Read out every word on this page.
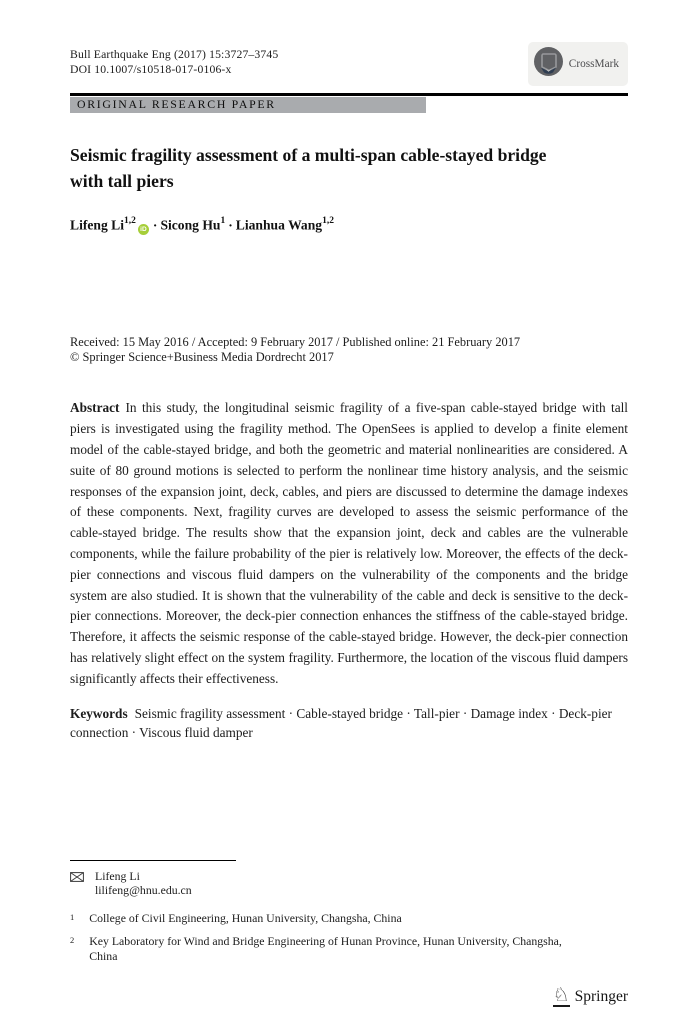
Bull Earthquake Eng (2017) 15:3727–3745
DOI 10.1007/s10518-017-0106-x	CrossMark
ORIGINAL RESEARCH PAPER
Seismic fragility assessment of a multi-span cable-stayed bridge with tall piers
Lifeng Li$^{1,2}$iD · Sicong $Hu^1$ · Lianhua Wang$^{1,2}$
Received: 15 May 2016 / Accepted: 9 February 2017 / Published online: 21 February 2017
© Springer Science+Business Media Dordrecht 2017

Abstract In this study, the longitudinal seismic fragility of a five-span cable-stayed bridge with tall piers is investigated using the fragility method. The OpenSees is applied to develop a finite element model of the cable-stayed bridge, and both the geometric and material nonlinearities are considered. A suite of 80 ground motions is selected to perform the nonlinear time history analysis, and the seismic responses of the expansion joint, deck, cables, and piers are discussed to determine the damage indexes of these components. Next, fragility curves are developed to assess the seismic performance of the cable-stayed bridge. The results show that the expansion joint, deck and cables are the vulnerable components, while the failure probability of the pier is relatively low. Moreover, the effects of the deck-pier connections and viscous fluid dampers on the vulnerability of the components and the bridge system are also studied. It is shown that the vulnerability of the cable and deck is sensitive to the deck-pier connections. Moreover, the deck-pier connection enhances the stiffness of the cable-stayed bridge. Therefore, it affects the seismic response of the cable-stayed bridge. However, the deck-pier connection has relatively slight effect on the system fragility. Furthermore, the location of the viscous fluid dampers significantly affects their effectiveness.

Keywords Seismic fragility assessment · Cable-stayed bridge · Tall-pier · Damage index · Deck-pier connection · Viscous fluid damper

Lifeng Li
lilifeng@hnu.edu.cn
$^1$ College of Civil Engineering, Hunan University, Changsha, China
$^2$ Key Laboratory for Wind and Bridge Engineering of Hunan Province, Hunan University, Changsha, China
♘ Springer
